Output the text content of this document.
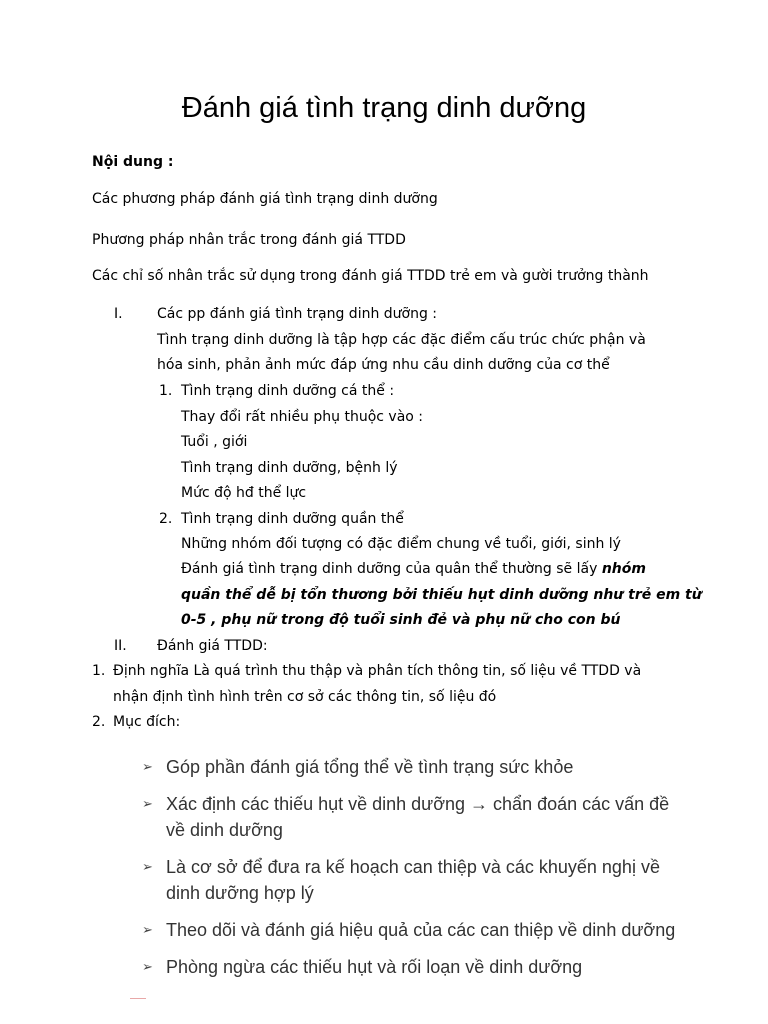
Đánh giá tình trạng dinh dưỡng
Nội dung :
Các phương pháp đánh giá tình trạng dinh dưỡng
Phương pháp nhân trắc trong đánh giá TTDD
Các chỉ số nhân trắc sử dụng trong đánh giá TTDD trẻ em và gười trưởng thành
I. Các pp đánh giá tình trạng dinh dưỡng :
Tình trạng dinh dưỡng là tập hợp các đặc điểm cấu trúc chức phận và
hóa sinh, phản ảnh mức đáp ứng nhu cầu dinh dưỡng của cơ thể
1. Tình trạng dinh dưỡng cá thể :
Thay đổi rất nhiều phụ thuộc vào :
Tuổi , giới
Tình trạng dinh dưỡng, bệnh lý
Mức độ hđ thể lực
2. Tình trạng dinh dưỡng quần thể
Những nhóm đối tượng có đặc điểm chung về tuổi, giới, sinh lý
Đánh giá tình trạng dinh dưỡng của quân thể thường sẽ lấy nhóm
quần thể dễ bị tổn thương bởi thiếu hụt dinh dưỡng như trẻ em từ
0-5 , phụ nữ trong độ tuổi sinh đẻ và phụ nữ cho con bú
II. Đánh giá TTDD:
1. Định nghĩa Là quá trình thu thập và phân tích thông tin, số liệu về TTDD và
nhận định tình hình trên cơ sở các thông tin, số liệu đó
2. Mục đích:
➢ Góp phần đánh giá tổng thể về tình trạng sức khỏe
➢ Xác định các thiếu hụt về dinh dưỡng → chẩn đoán các vấn đề
về dinh dưỡng
➢ Là cơ sở để đưa ra kế hoạch can thiệp và các khuyến nghị về
dinh dưỡng hợp lý
➢ Theo dõi và đánh giá hiệu quả của các can thiệp về dinh dưỡng
➢ Phòng ngừa các thiếu hụt và rối loạn về dinh dưỡng
